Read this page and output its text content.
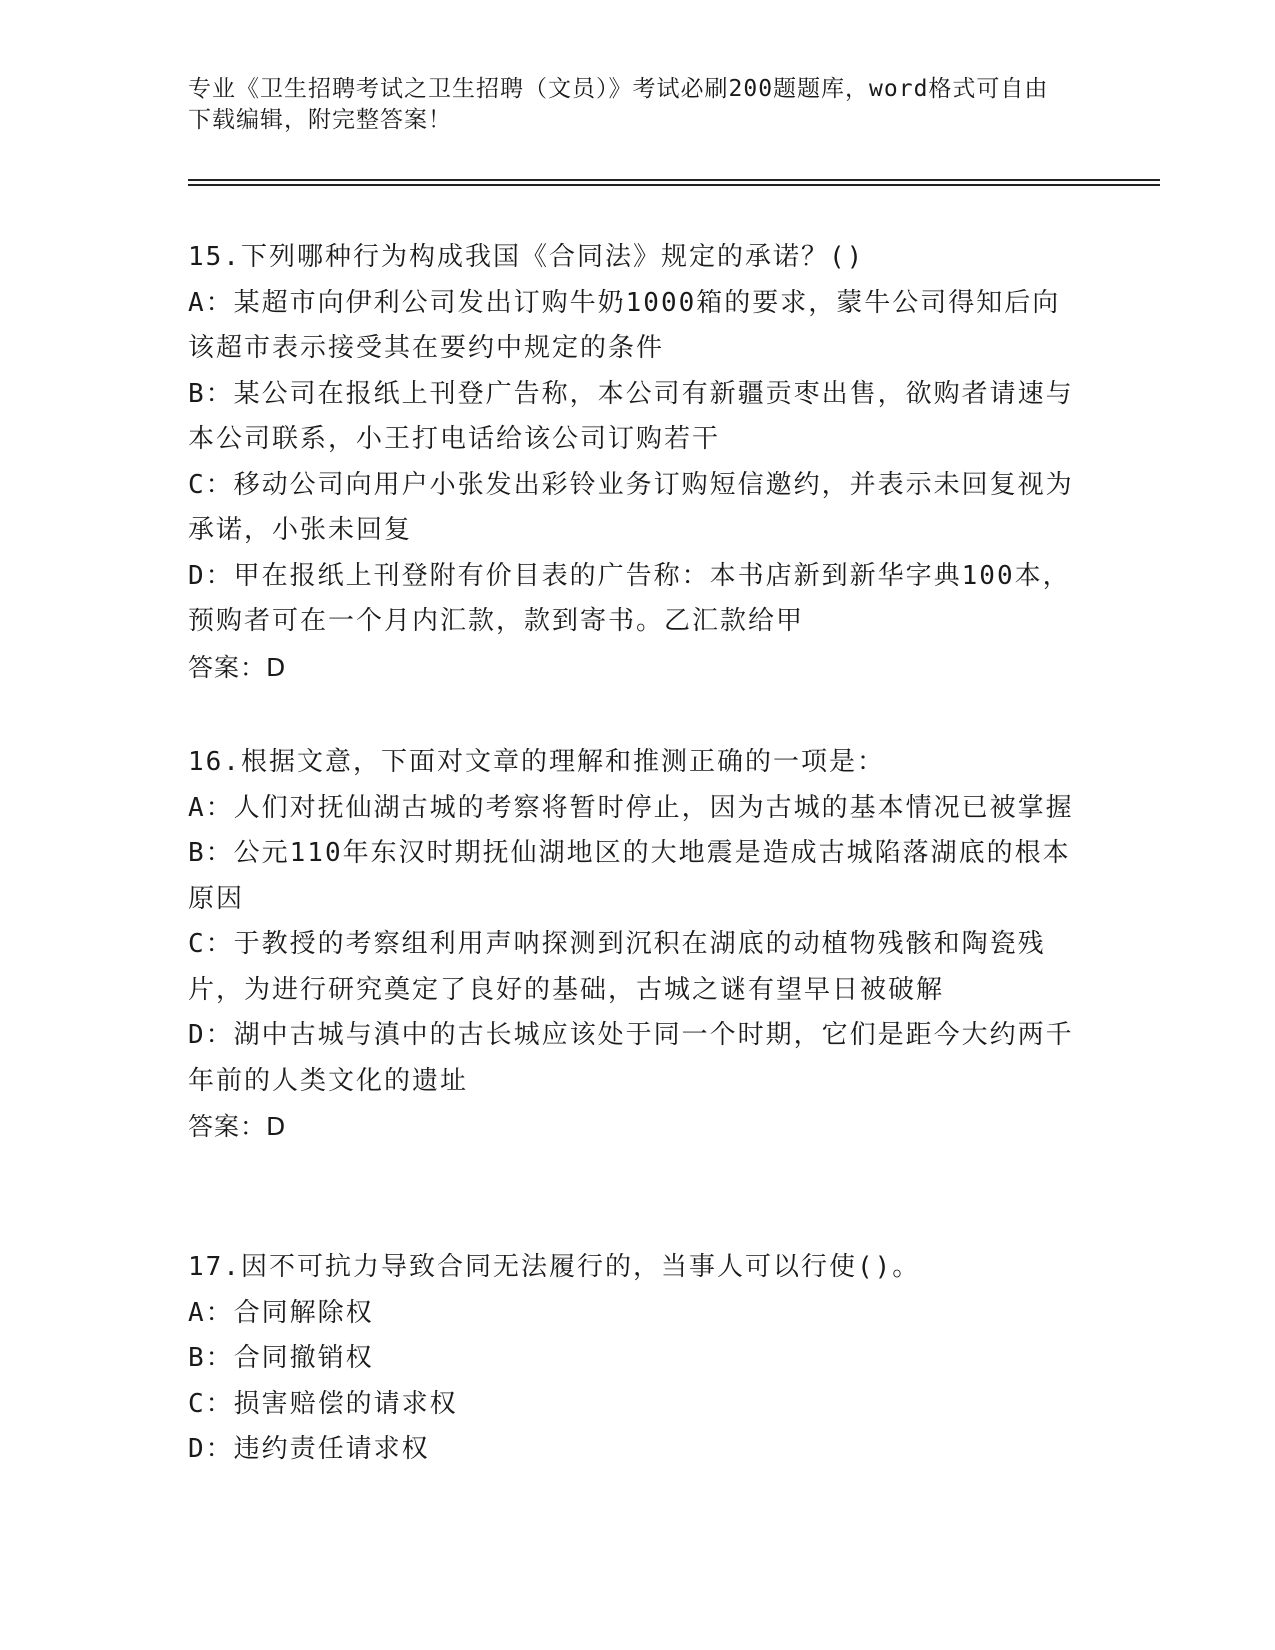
专业《卫生招聘考试之卫生招聘（文员）》考试必刷200题题库，word格式可自由下载编辑，附完整答案！
15.下列哪种行为构成我国《合同法》规定的承诺？()
A：某超市向伊利公司发出订购牛奶1000箱的要求，蒙牛公司得知后向该超市表示接受其在要约中规定的条件
B：某公司在报纸上刊登广告称，本公司有新疆贡枣出售，欲购者请速与本公司联系，小王打电话给该公司订购若干
C：移动公司向用户小张发出彩铃业务订购短信邀约，并表示未回复视为承诺，小张未回复
D：甲在报纸上刊登附有价目表的广告称：本书店新到新华字典100本，预购者可在一个月内汇款，款到寄书。乙汇款给甲
答案：D
16.根据文意，下面对文章的理解和推测正确的一项是：
A：人们对抚仙湖古城的考察将暂时停止，因为古城的基本情况已被掌握
B：公元110年东汉时期抚仙湖地区的大地震是造成古城陷落湖底的根本原因
C：于教授的考察组利用声呐探测到沉积在湖底的动植物残骸和陶瓷残片，为进行研究奠定了良好的基础，古城之谜有望早日被破解
D：湖中古城与滇中的古长城应该处于同一个时期，它们是距今大约两千年前的人类文化的遗址
答案：D
17.因不可抗力导致合同无法履行的，当事人可以行使()。
A：合同解除权
B：合同撤销权
C：损害赔偿的请求权
D：违约责任请求权
